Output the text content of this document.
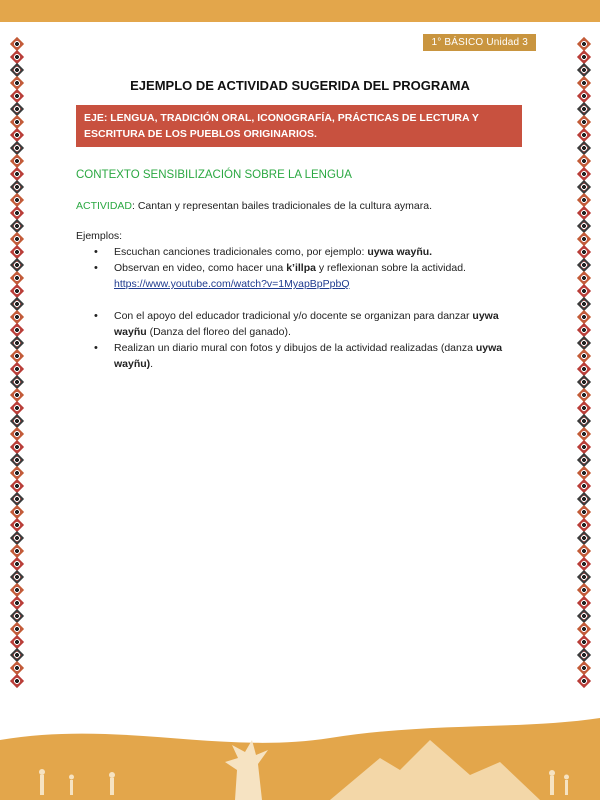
1° BÁSICO Unidad 3
EJEMPLO DE ACTIVIDAD SUGERIDA DEL PROGRAMA
EJE: LENGUA, TRADICIÓN ORAL, ICONOGRAFÍA, PRÁCTICAS DE LECTURA Y ESCRITURA DE LOS PUEBLOS ORIGINARIOS.
CONTEXTO SENSIBILIZACIÓN SOBRE LA LENGUA
ACTIVIDAD: Cantan y representan bailes tradicionales de la cultura aymara.
Ejemplos:
• Escuchan canciones tradicionales como, por ejemplo: uywa wayñu.
• Observan en video, como hacer una k’illpa y reflexionan sobre la actividad.
https://www.youtube.com/watch?v=1MyapBpPpbQ
• Con el apoyo del educador tradicional y/o docente se organizan para danzar uywa wayñu (Danza del floreo del ganado).
• Realizan un diario mural con fotos y dibujos de la actividad realizadas (danza uywa wayñu).
